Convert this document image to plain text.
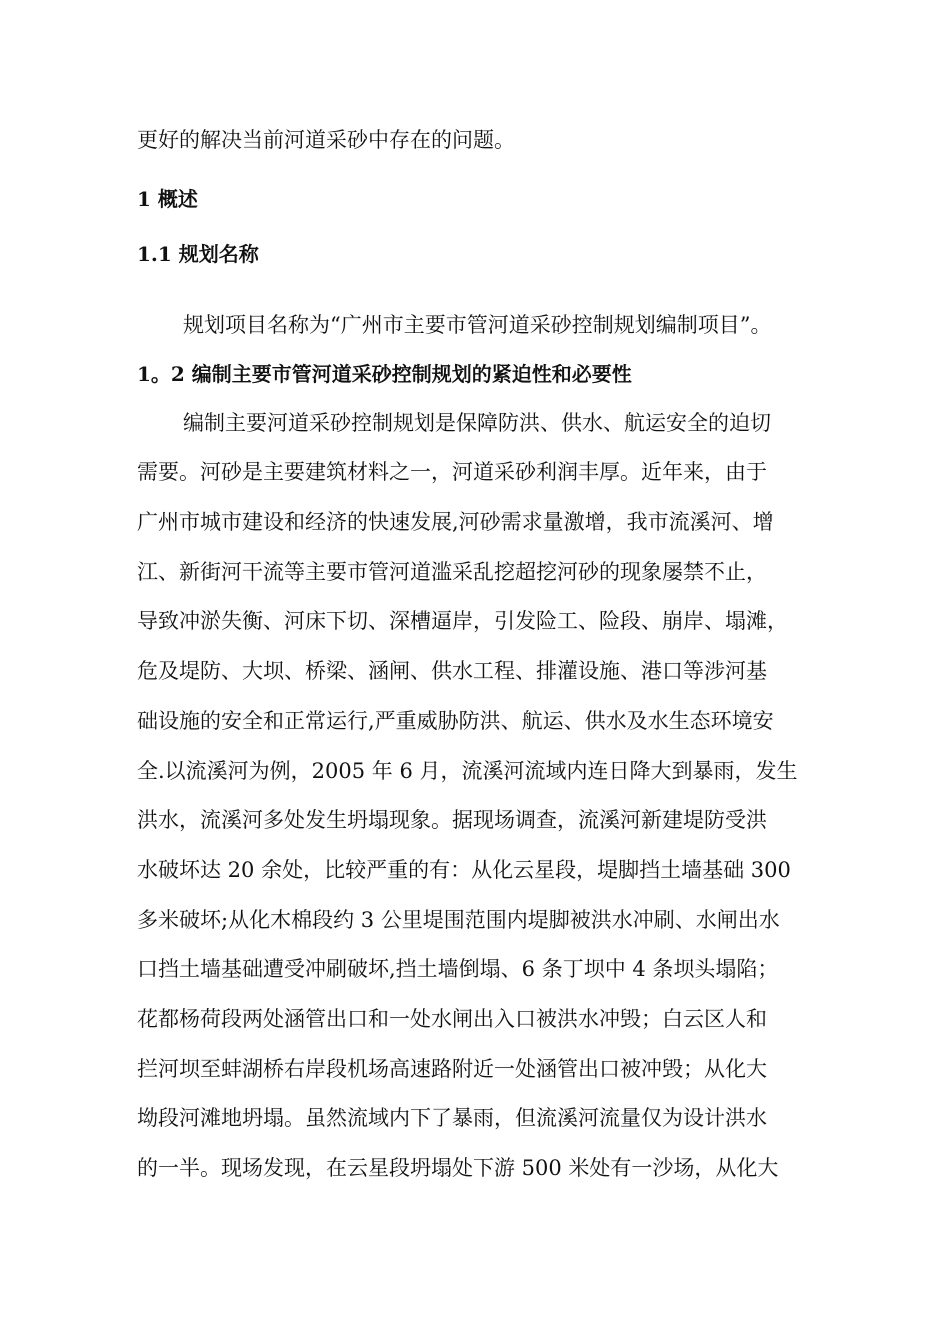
更好的解决当前河道采砂中存在的问题。
1 概述
1.1 规划名称
规划项目名称为“广州市主要市管河道采砂控制规划编制项目”。
1。2 编制主要市管河道采砂控制规划的紧迫性和必要性
编制主要河道采砂控制规划是保障防洪、供水、航运安全的迫切
需要。河砂是主要建筑材料之一，河道采砂利润丰厚。近年来，由于
广州市城市建设和经济的快速发展,河砂需求量激增，我市流溪河、增
江、新街河干流等主要市管河道滥采乱挖超挖河砂的现象屡禁不止，
导致冲淤失衡、河床下切、深槽逼岸，引发险工、险段、崩岸、塌滩，
危及堤防、大坝、桥梁、涵闸、供水工程、排灌设施、港口等涉河基
础设施的安全和正常运行,严重威胁防洪、航运、供水及水生态环境安
全.以流溪河为例，2005 年 6 月，流溪河流域内连日降大到暴雨，发生
洪水，流溪河多处发生坍塌现象。据现场调查，流溪河新建堤防受洪
水破坏达 20 余处，比较严重的有：从化云星段，堤脚挡土墙基础 300
多米破坏;从化木棉段约 3 公里堤围范围内堤脚被洪水冲刷、水闸出水
口挡土墙基础遭受冲刷破坏,挡土墙倒塌、6 条丁坝中 4 条坝头塌陷；
花都杨荷段两处涵管出口和一处水闸出入口被洪水冲毁；白云区人和
拦河坝至蚌湖桥右岸段机场高速路附近一处涵管出口被冲毁；从化大
坳段河滩地坍塌。虽然流域内下了暴雨，但流溪河流量仅为设计洪水
的一半。现场发现，在云星段坍塌处下游 500 米处有一沙场，从化大
